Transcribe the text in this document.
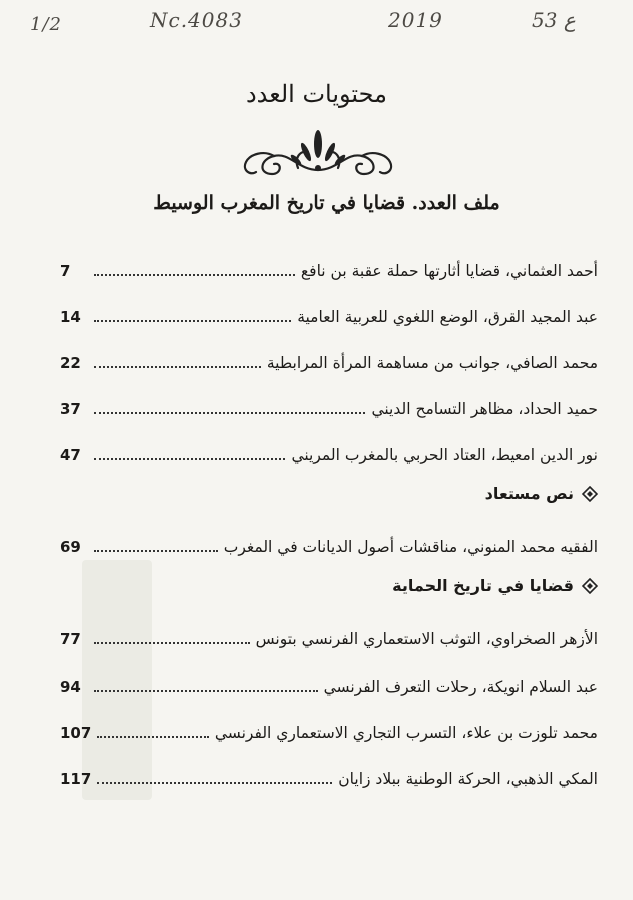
1/2	Nc.4083	2019	53 ع
محتويات العدد
ملف العدد. قضايا في تاريخ المغرب الوسيط
أحمد العثماني، قضايا أثارتها حملة عقبة بن نافع
7
عبد المجيد القرق، الوضع اللغوي للعربية العامية
14
محمد الصافي، جوانب من مساهمة المرأة المرابطية
22
حميد الحداد، مظاهر التسامح الديني
37
نور الدين امعيط، العتاد الحربي بالمغرب المريني
47
نص مستعاد
الفقيه محمد المنوني، مناقشات أصول الديانات في المغرب
69
قضايا في تاريخ الحماية
الأزهر الصخراوي، التوثب الاستعماري الفرنسي بتونس
77
عبد السلام انويكة، رحلات التعرف الفرنسي
94
محمد تلوزت بن علاء، التسرب التجاري الاستعماري الفرنسي
107
المكي الذهبي، الحركة الوطنية ببلاد زايان
117
